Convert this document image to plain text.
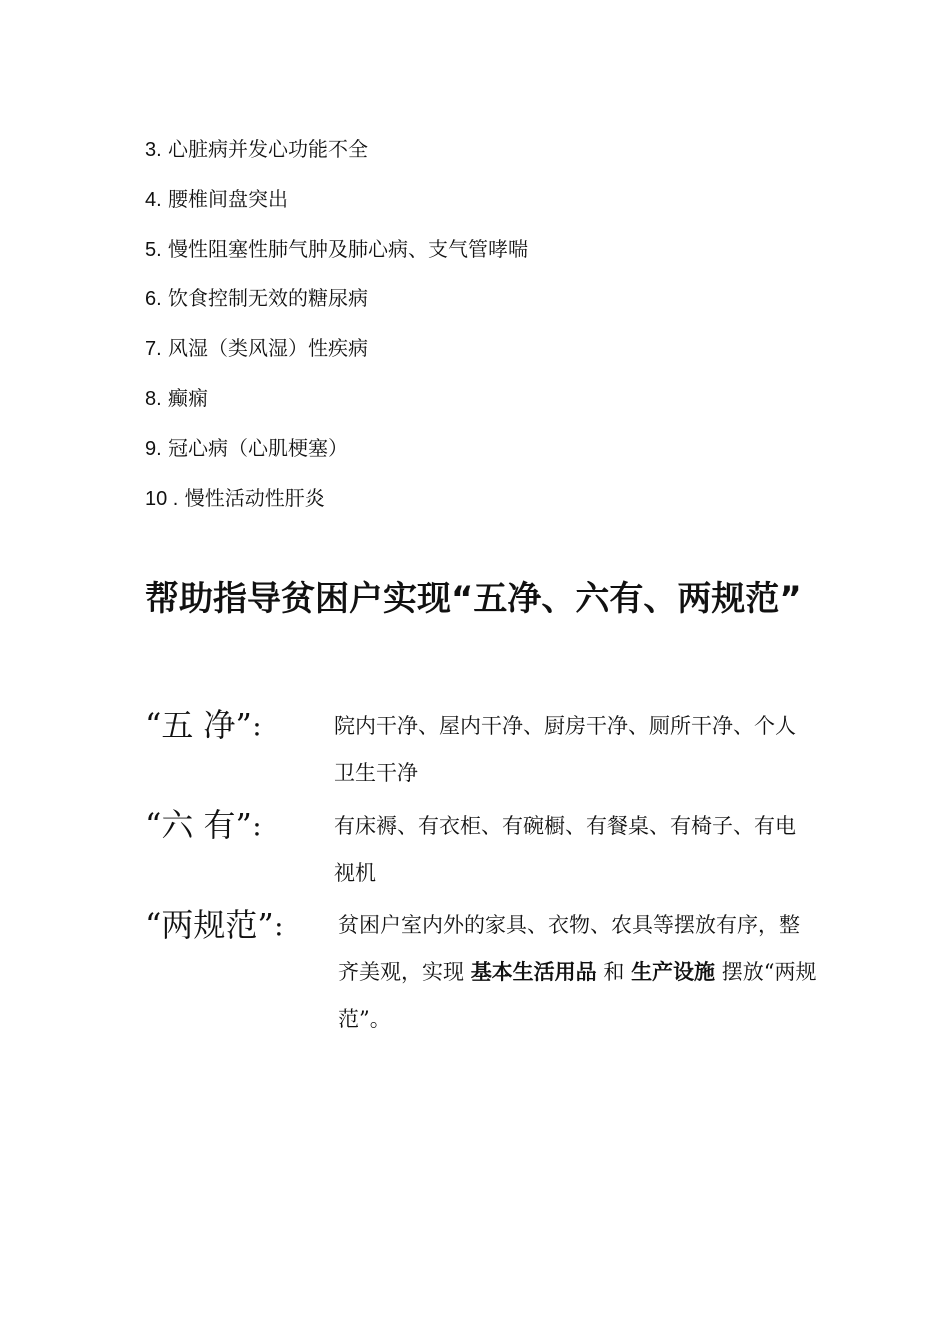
3. 心脏病并发心功能不全
4. 腰椎间盘突出
5. 慢性阻塞性肺气肿及肺心病、支气管哮喘
6. 饮食控制无效的糖尿病
7. 风湿（类风湿）性疾病
8. 癫痫
9. 冠心病（心肌梗塞）
10 . 慢性活动性肝炎
帮助指导贫困户实现“五净、六有、两规范”
“五 净”：	院内干净、屋内干净、厨房干净、厕所干净、个人卫生干净
“六 有”：	有床褥、有衣柜、有碗橱、有餐桌、有椅子、有电视机
“两规范”： 贫困户室内外的家具、衣物、农具等摆放有序，整齐美观，实现 基本生活用品 和 生产设施 摆放“两规范”。
